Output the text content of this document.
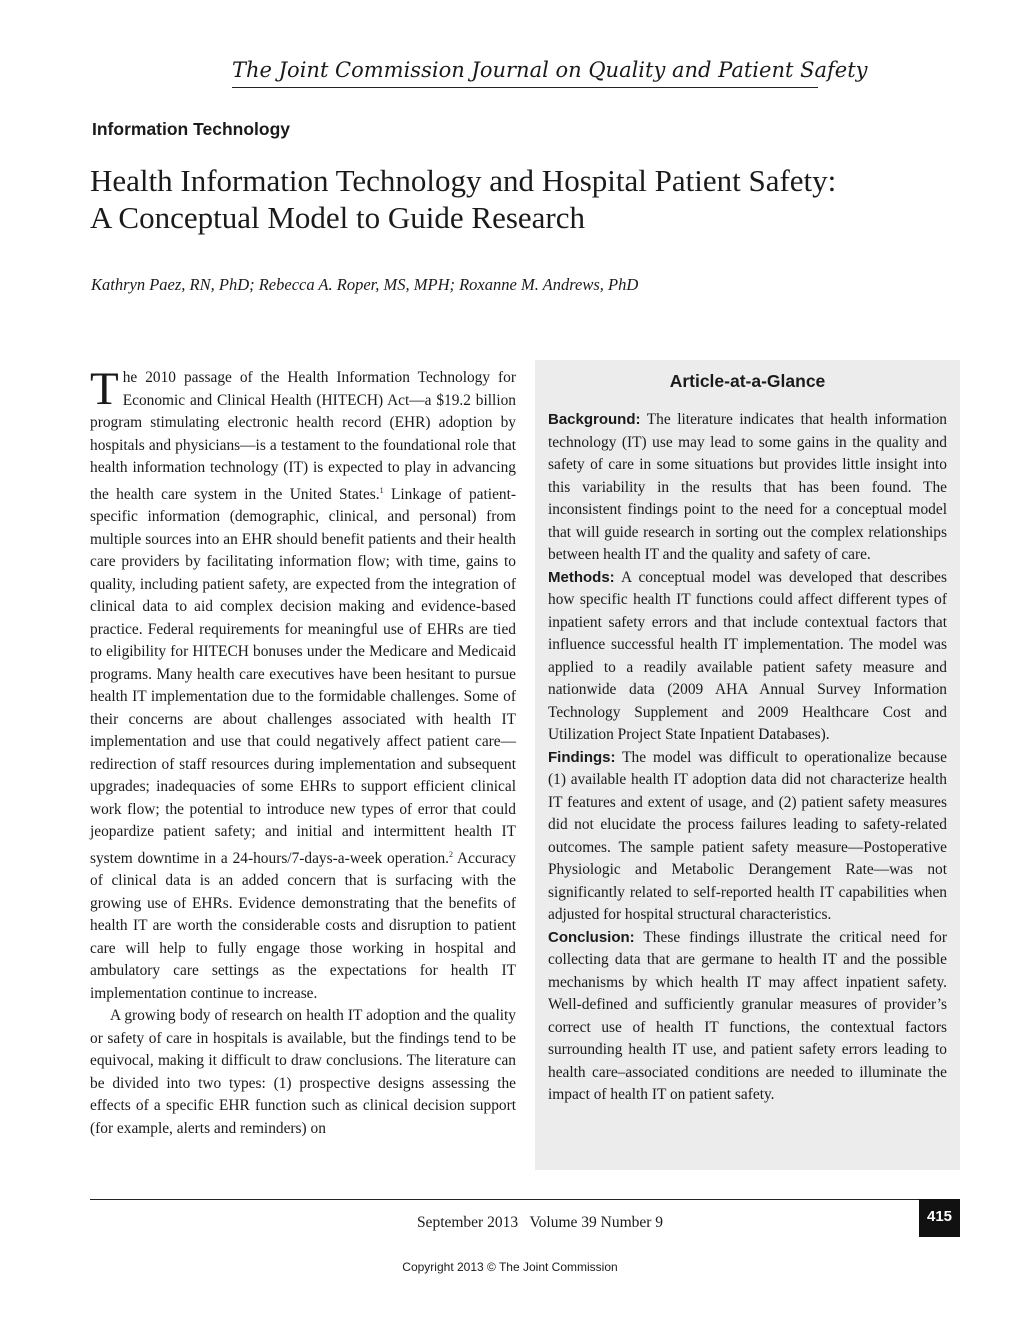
The Joint Commission Journal on Quality and Patient Safety
Information Technology
Health Information Technology and Hospital Patient Safety:
A Conceptual Model to Guide Research
Kathryn Paez, RN, PhD; Rebecca A. Roper, MS, MPH; Roxanne M. Andrews, PhD

The 2010 passage of the Health Information Technology for Economic and Clinical Health (HITECH) Act—a $19.2 billion program stimulating electronic health record (EHR) adoption by hospitals and physicians—is a testament to the foundational role that health information technology (IT) is expected to play in advancing the health care system in the United States.$^1$ Linkage of patient-specific information (demographic, clinical, and personal) from multiple sources into an EHR should benefit patients and their health care providers by facilitating information flow; with time, gains to quality, including patient safety, are expected from the integration of clinical data to aid complex decision making and evidence-based practice. Federal requirements for meaningful use of EHRs are tied to eligibility for HITECH bonuses under the Medicare and Medicaid programs. Many health care executives have been hesitant to pursue health IT implementation due to the formidable challenges. Some of their concerns are about challenges associated with health IT implementation and use that could negatively affect patient care—redirection of staff resources during implementation and subsequent upgrades; inadequacies of some EHRs to support efficient clinical work flow; the potential to introduce new types of error that could jeopardize patient safety; and initial and intermittent health IT system downtime in a 24-hours/7-days-a-week operation.$^2$ Accuracy of clinical data is an added concern that is surfacing with the growing use of EHRs. Evidence demonstrating that the benefits of health IT are worth the considerable costs and disruption to patient care will help to fully engage those working in hospital and ambulatory care settings as the expectations for health IT implementation continue to increase.

A growing body of research on health IT adoption and the quality or safety of care in hospitals is available, but the findings tend to be equivocal, making it difficult to draw conclusions. The literature can be divided into two types: (1) prospective designs assessing the effects of a specific EHR function such as clinical decision support (for example, alerts and reminders) on

Article-at-a-Glance

Background: The literature indicates that health information technology (IT) use may lead to some gains in the quality and safety of care in some situations but provides little insight into this variability in the results that has been found. The inconsistent findings point to the need for a conceptual model that will guide research in sorting out the complex relationships between health IT and the quality and safety of care.

Methods: A conceptual model was developed that describes how specific health IT functions could affect different types of inpatient safety errors and that include contextual factors that influence successful health IT implementation. The model was applied to a readily available patient safety measure and nationwide data (2009 AHA Annual Survey Information Technology Supplement and 2009 Healthcare Cost and Utilization Project State Inpatient Databases).

Findings: The model was difficult to operationalize because (1) available health IT adoption data did not characterize health IT features and extent of usage, and (2) patient safety measures did not elucidate the process failures leading to safety-related outcomes. The sample patient safety measure—Postoperative Physiologic and Metabolic Derangement Rate—was not significantly related to self-reported health IT capabilities when adjusted for hospital structural characteristics.

Conclusion: These findings illustrate the critical need for collecting data that are germane to health IT and the possible mechanisms by which health IT may affect inpatient safety. Well-defined and sufficiently granular measures of provider’s correct use of health IT functions, the contextual factors surrounding health IT use, and patient safety errors leading to health care–associated conditions are needed to illuminate the impact of health IT on patient safety.

September 2013   Volume 39 Number 9	415
Copyright 2013 © The Joint Commission
